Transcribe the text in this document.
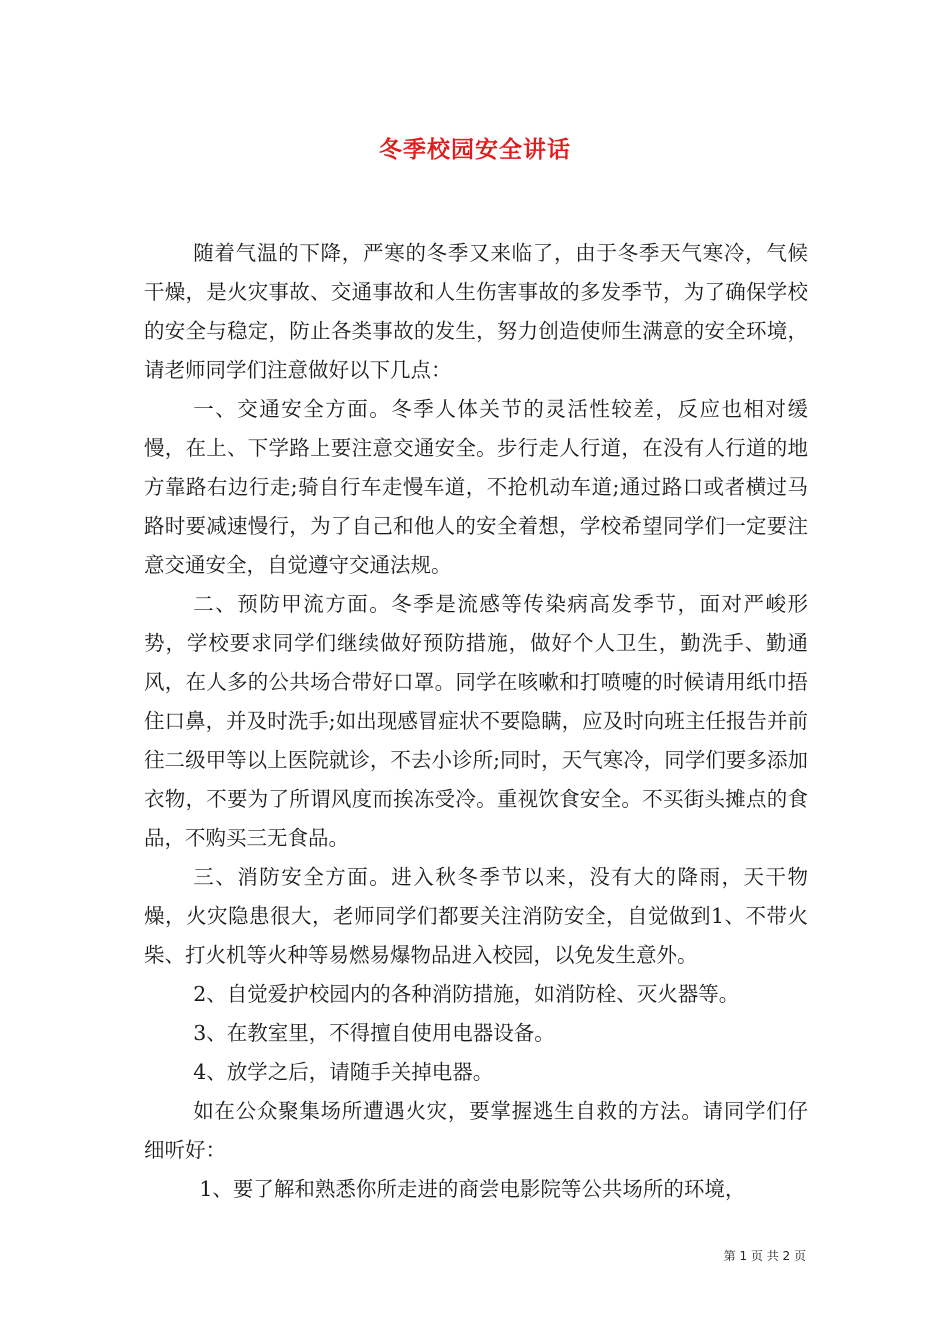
冬季校园安全讲话

随着气温的下降，严寒的冬季又来临了，由于冬季天气寒冷，气候干燥，是火灾事故、交通事故和人生伤害事故的多发季节，为了确保学校的安全与稳定，防止各类事故的发生，努力创造使师生满意的安全环境，请老师同学们注意做好以下几点：

一、交通安全方面。冬季人体关节的灵活性较差，反应也相对缓慢，在上、下学路上要注意交通安全。步行走人行道，在没有人行道的地方靠路右边行走;骑自行车走慢车道，不抢机动车道;通过路口或者横过马路时要减速慢行，为了自己和他人的安全着想，学校希望同学们一定要注意交通安全，自觉遵守交通法规。

二、预防甲流方面。冬季是流感等传染病高发季节，面对严峻形势，学校要求同学们继续做好预防措施，做好个人卫生，勤洗手、勤通风，在人多的公共场合带好口罩。同学在咳嗽和打喷嚏的时候请用纸巾捂住口鼻，并及时洗手;如出现感冒症状不要隐瞒，应及时向班主任报告并前往二级甲等以上医院就诊，不去小诊所;同时，天气寒冷，同学们要多添加衣物，不要为了所谓风度而挨冻受冷。重视饮食安全。不买街头摊点的食品，不购买三无食品。

三、消防安全方面。进入秋冬季节以来，没有大的降雨，天干物燥，火灾隐患很大，老师同学们都要关注消防安全，自觉做到1、不带火柴、打火机等火种等易燃易爆物品进入校园，以免发生意外。

2、自觉爱护校园内的各种消防措施，如消防栓、灭火器等。

3、在教室里，不得擅自使用电器设备。

4、放学之后，请随手关掉电器。

如在公众聚集场所遭遇火灾，要掌握逃生自救的方法。请同学们仔细听好：

1、要了解和熟悉你所走进的商尝电影院等公共场所的环境，

第 1 页 共 2 页
